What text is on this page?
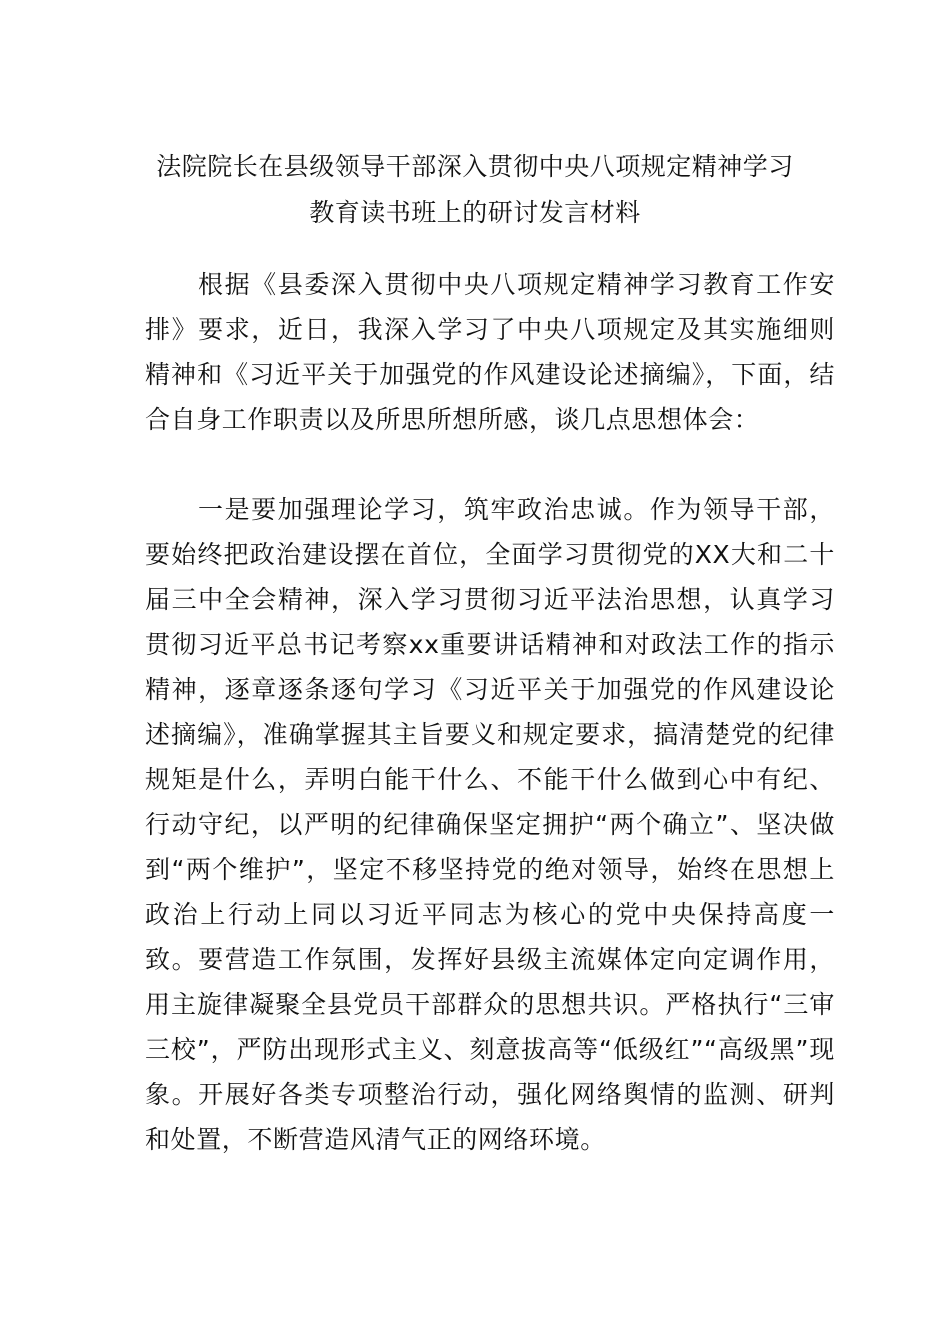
法院院长在县级领导干部深入贯彻中央八项规定精神学习
教育读书班上的研讨发言材料

根据《县委深入贯彻中央八项规定精神学习教育工作安排》要求，近日，我深入学习了中央八项规定及其实施细则精神和《习近平关于加强党的作风建设论述摘编》，下面，结合自身工作职责以及所思所想所感，谈几点思想体会：

一是要加强理论学习，筑牢政治忠诚。作为领导干部，要始终把政治建设摆在首位，全面学习贯彻党的XX大和二十届三中全会精神，深入学习贯彻习近平法治思想，认真学习贯彻习近平总书记考察xx重要讲话精神和对政法工作的指示精神，逐章逐条逐句学习《习近平关于加强党的作风建设论述摘编》，准确掌握其主旨要义和规定要求，搞清楚党的纪律规矩是什么，弄明白能干什么、不能干什么做到心中有纪、行动守纪，以严明的纪律确保坚定拥护“两个确立”、坚决做到“两个维护”，坚定不移坚持党的绝对领导，始终在思想上政治上行动上同以习近平同志为核心的党中央保持高度一致。要营造工作氛围，发挥好县级主流媒体定向定调作用，用主旋律凝聚全县党员干部群众的思想共识。严格执行“三审三校”，严防出现形式主义、刻意拔高等“低级红”“高级黑”现象。开展好各类专项整治行动，强化网络舆情的监测、研判和处置，不断营造风清气正的网络环境。
